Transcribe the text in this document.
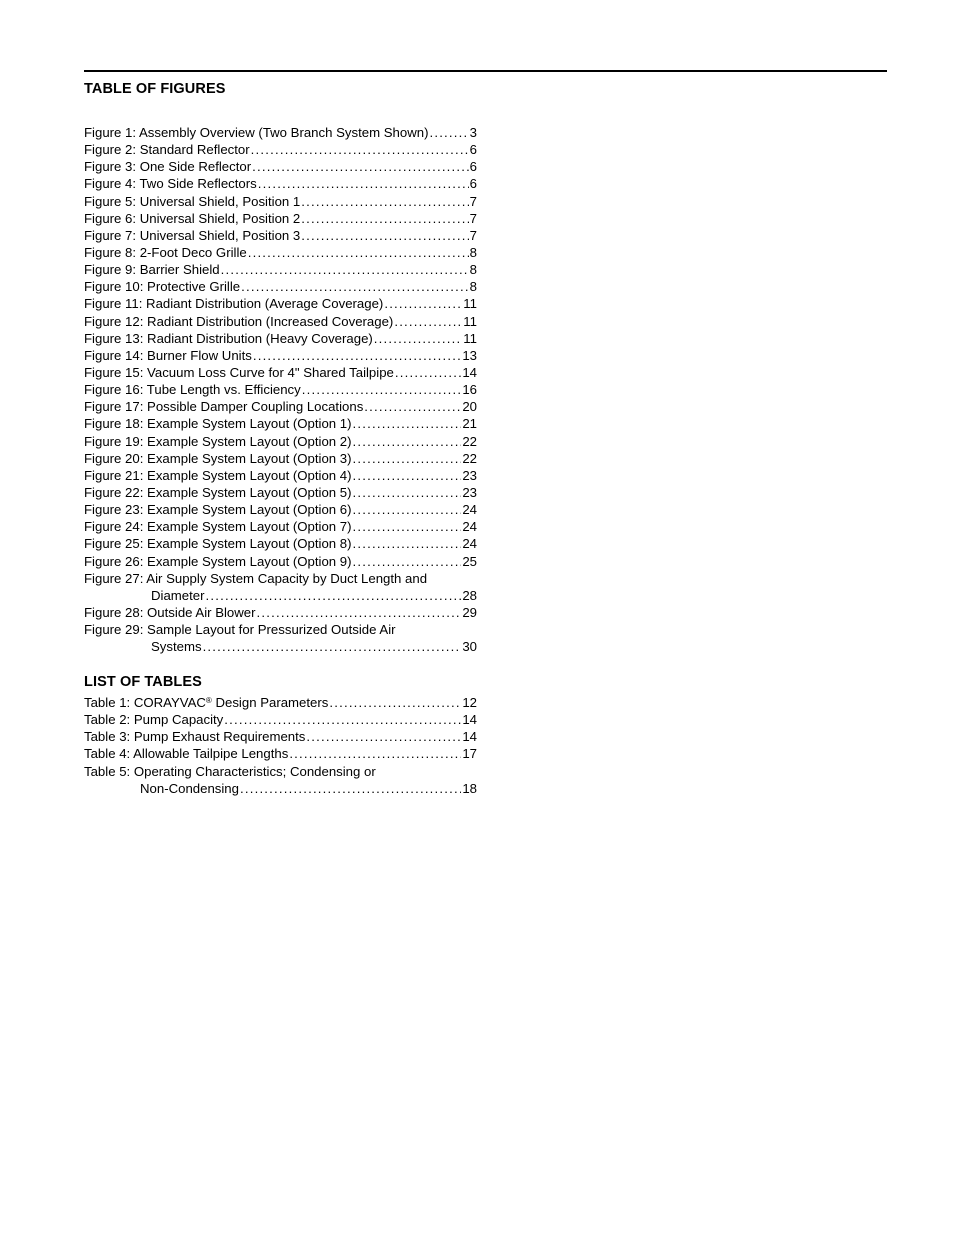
TABLE OF FIGURES
Figure 1: Assembly Overview (Two Branch System Shown) .....	3
Figure 2: Standard Reflector .....	6
Figure 3: One Side Reflector .....	6
Figure 4: Two Side Reflectors .....	6
Figure 5: Universal Shield, Position 1 .....	7
Figure 6: Universal Shield, Position 2 .....	7
Figure 7: Universal Shield, Position 3 .....	7
Figure 8: 2-Foot Deco Grille .....	8
Figure 9: Barrier Shield .....	8
Figure 10: Protective Grille .....	8
Figure 11: Radiant Distribution (Average Coverage) .....	11
Figure 12: Radiant Distribution (Increased Coverage) .....	11
Figure 13: Radiant Distribution (Heavy Coverage) .....	11
Figure 14: Burner Flow Units .....	13
Figure 15: Vacuum Loss Curve for 4" Shared Tailpipe .....	14
Figure 16: Tube Length vs. Efficiency .....	16
Figure 17: Possible Damper Coupling Locations .....	20
Figure 18: Example System Layout (Option 1) .....	21
Figure 19: Example System Layout (Option 2) .....	22
Figure 20: Example System Layout (Option 3) .....	22
Figure 21: Example System Layout (Option 4) .....	23
Figure 22: Example System Layout (Option 5) .....	23
Figure 23: Example System Layout (Option 6) .....	24
Figure 24: Example System Layout (Option 7) .....	24
Figure 25: Example System Layout (Option 8) .....	24
Figure 26: Example System Layout (Option 9) .....	25
Figure 27: Air Supply System Capacity by Duct Length and
Diameter .....	28
Figure 28: Outside Air Blower .....	29
Figure 29: Sample Layout for Pressurized Outside Air
Systems .....	30
LIST OF TABLES
Table 1: CORAYVAC® Design Parameters .....	12
Table 2: Pump Capacity .....	14
Table 3: Pump Exhaust Requirements .....	14
Table 4: Allowable Tailpipe Lengths .....	17
Table 5: Operating Characteristics; Condensing or
Non-Condensing .....	18
